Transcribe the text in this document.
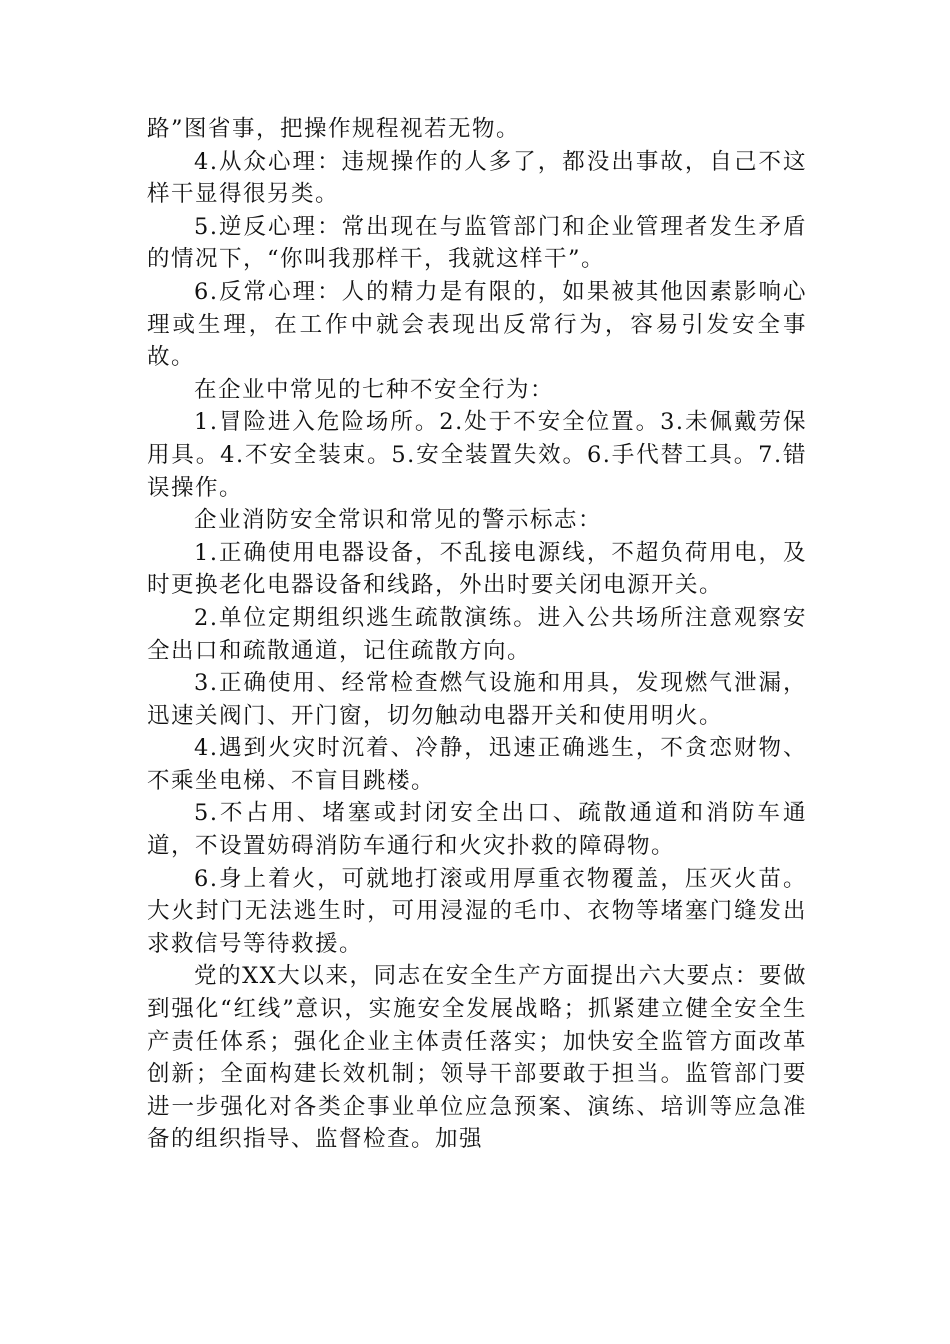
路”图省事，把操作规程视若无物。

4.从众心理：违规操作的人多了，都没出事故，自己不这样干显得很另类。

5.逆反心理：常出现在与监管部门和企业管理者发生矛盾的情况下，“你叫我那样干，我就这样干”。

6.反常心理：人的精力是有限的，如果被其他因素影响心理或生理，在工作中就会表现出反常行为，容易引发安全事故。

在企业中常见的七种不安全行为：

1.冒险进入危险场所。2.处于不安全位置。3.未佩戴劳保用具。4.不安全装束。5.安全装置失效。6.手代替工具。7.错误操作。

企业消防安全常识和常见的警示标志：

1.正确使用电器设备，不乱接电源线，不超负荷用电，及时更换老化电器设备和线路，外出时要关闭电源开关。

2.单位定期组织逃生疏散演练。进入公共场所注意观察安全出口和疏散通道，记住疏散方向。

3.正确使用、经常检查燃气设施和用具，发现燃气泄漏，迅速关阀门、开门窗，切勿触动电器开关和使用明火。

4.遇到火灾时沉着、冷静，迅速正确逃生，不贪恋财物、不乘坐电梯、不盲目跳楼。

5.不占用、堵塞或封闭安全出口、疏散通道和消防车通道，不设置妨碍消防车通行和火灾扑救的障碍物。

6.身上着火，可就地打滚或用厚重衣物覆盖，压灭火苗。大火封门无法逃生时，可用浸湿的毛巾、衣物等堵塞门缝发出求救信号等待救援。

党的XX大以来，同志在安全生产方面提出六大要点：要做到强化“红线”意识，实施安全发展战略；抓紧建立健全安全生产责任体系；强化企业主体责任落实；加快安全监管方面改革创新；全面构建长效机制；领导干部要敢于担当。监管部门要进一步强化对各类企事业单位应急预案、演练、培训等应急准备的组织指导、监督检查。加强
